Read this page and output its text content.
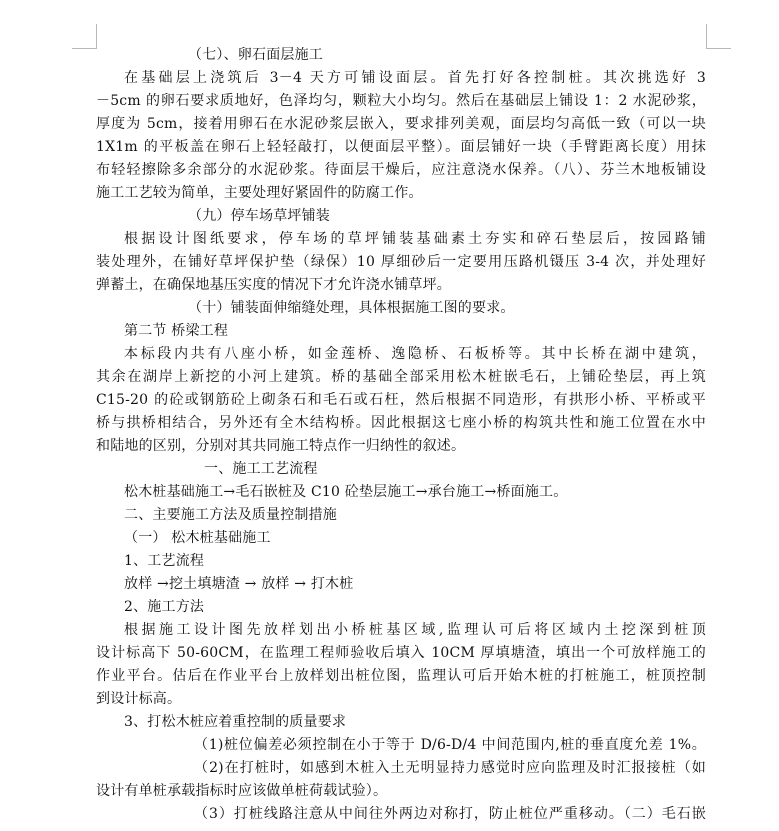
（七）、卵石面层施工
在基础层上浇筑后 3－4 天方可铺设面层。首先打好各控制桩。其次挑选好 3
－5cm 的卵石要求质地好，色泽均匀，颗粒大小均匀。然后在基础层上铺设 1：2 水泥砂浆，
厚度为 5cm，接着用卵石在水泥砂浆层嵌入，要求排列美观，面层均匀高低一致（可以一块
1X1m 的平板盖在卵石上轻轻敲打，以便面层平整）。面层铺好一块（手臂距离长度）用抹
布轻轻擦除多余部分的水泥砂浆。待面层干燥后，应注意浇水保养。（八）、芬兰木地板铺设
施工工艺较为简单，主要处理好紧固件的防腐工作。
（九）停车场草坪铺装
根据设计图纸要求，停车场的草坪铺装基础素土夯实和碎石垫层后，按园路铺
装处理外，在铺好草坪保护垫（绿保）10 厚细砂后一定要用压路机镊压 3-4 次，并处理好
弹蓄土，在确保地基压实度的情况下才允许浇水铺草坪。
（十）铺装面伸缩缝处理，具体根据施工图的要求。
第二节 桥梁工程
本标段内共有八座小桥，如金莲桥、逸隐桥、石板桥等。其中长桥在湖中建筑，
其余在湖岸上新挖的小河上建筑。桥的基础全部采用松木桩嵌毛石，上铺砼垫层，再上筑
C15-20 的砼或钢筋砼上砌条石和毛石或石枉，然后根据不同造形，有拱形小桥、平桥或平
桥与拱桥相结合，另外还有全木结构桥。因此根据这七座小桥的构筑共性和施工位置在水中
和陆地的区别，分别对其共同施工特点作一归纳性的叙述。
一、施工工艺流程
松木桩基础施工→毛石嵌桩及 C10 砼垫层施工→承台施工→桥面施工。
二、主要施工方法及质量控制措施
（一） 松木桩基础施工
1、工艺流程
放样 →挖土填塘渣 → 放样 → 打木桩
2、施工方法
根据施工设计图先放样划出小桥桩基区域,监理认可后将区域内土挖深到桩顶
设计标高下 50-60CM，在监理工程师验收后填入 10CM 厚填塘渣，填出一个可放样施工的
作业平台。估后在作业平台上放样划出桩位图，监理认可后开始木桩的打桩施工，桩顶控制
到设计标高。
3、打松木桩应着重控制的质量要求
（1)桩位偏差必须控制在小于等于 D/6-D/4 中间范围内,桩的垂直度允差 1%。
（2)在打桩时，如感到木桩入土无明显持力感觉时应向监理及时汇报接桩（如
设计有单桩承载指标时应该做单桩荷载试验）。
（3）打桩线路注意从中间往外两边对称打，防止桩位严重移动。（二）毛石嵌
